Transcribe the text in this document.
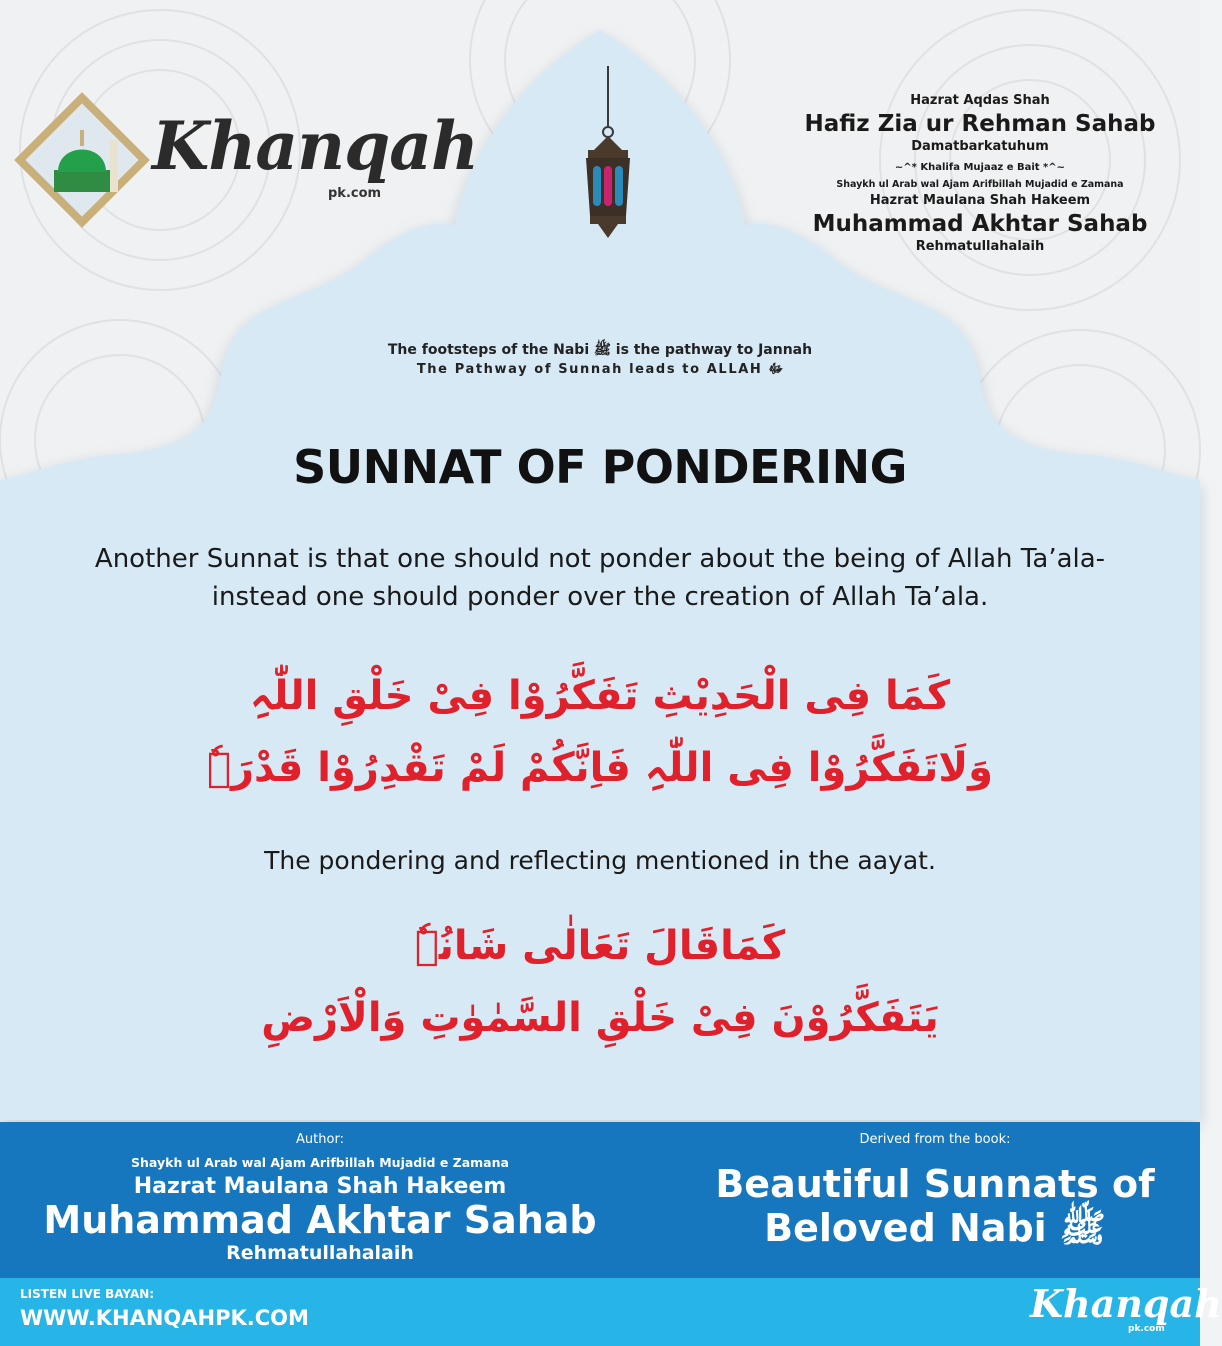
Khanqah
pk.com
Hazrat Aqdas Shah
Hafiz Zia ur Rehman Sahab
Damatbarkatuhum
~^* Khalifa Mujaaz e Bait *^~
Shaykh ul Arab wal Ajam Arifbillah Mujadid e Zamana
Hazrat Maulana Shah Hakeem
Muhammad Akhtar Sahab
Rehmatullahalaih
The footsteps of the Nabi ﷺ is the pathway to Jannah
The Pathway of Sunnah leads to ALLAH ﷻ
SUNNAT OF PONDERING
Another Sunnat is that one should not ponder about the being of Allah Ta’ala- instead one should ponder over the creation of Allah Ta’ala.
كَمَا فِی الْحَدِیْثِ تَفَکَّرُوْا فِیْ خَلْقِ اللّٰہِ
وَلَاتَفَکَّرُوْا فِی اللّٰہِ فَاِنَّکُمْ لَمْ تَقْدِرُوْا قَدْرَہٗ
The pondering and reflecting mentioned in the aayat.
کَمَاقَالَ تَعَالٰی شَانُہٗ
یَتَفَکَّرُوْنَ فِیْ خَلْقِ السَّمٰوٰتِ وَالْاَرْضِ
Author:
Shaykh ul Arab wal Ajam Arifbillah Mujadid e Zamana
Hazrat Maulana Shah Hakeem
Muhammad Akhtar Sahab
Rehmatullahalaih
Derived from the book:
Beautiful Sunnats of
Beloved Nabi ﷺ
LISTEN LIVE BAYAN:
WWW.KHANQAHPK.COM	Khanqah
pk.com
